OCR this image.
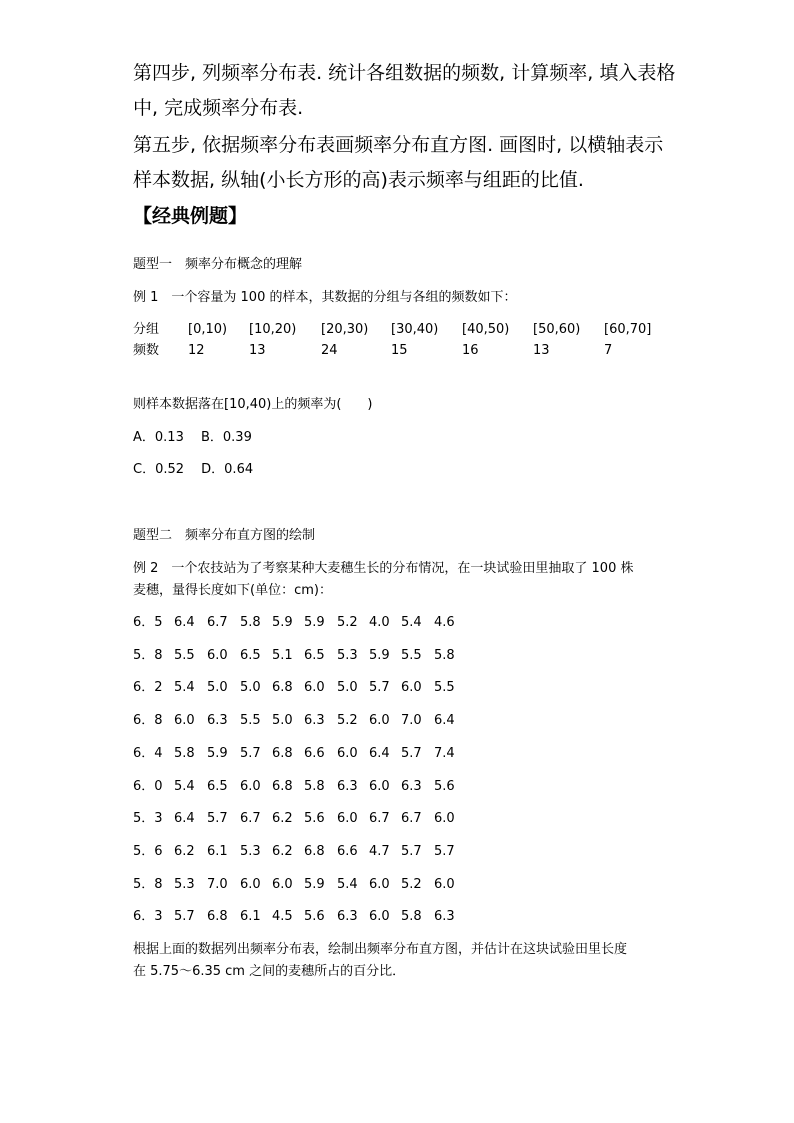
第四步, 列频率分布表. 统计各组数据的频数, 计算频率, 填入表格
中, 完成频率分布表.
第五步, 依据频率分布表画频率分布直方图. 画图时, 以横轴表示
样本数据, 纵轴(小长方形的高)表示频率与组距的比值.
【经典例题】
题型一　频率分布概念的理解
例 1　一个容量为 100 的样本，其数据的分组与各组的频数如下：
分组 [0,10) [10,20) [20,30) [30,40) [40,50) [50,60) [60,70]
频数 12	13	24	15	16	13	7
则样本数据落在[10,40)上的频率为(　　)
A．0.13　 B．0.39
C．0.52　 D．0.64
题型二　频率分布直方图的绘制
例 2　一个农技站为了考察某种大麦穗生长的分布情况，在一块试验田里抽取了 100 株
麦穗，量得长度如下(单位：cm)：
6．5 6.4 6.7 5.8 5.9 5.9 5.2 4.0 5.4 4.6
5．8 5.5 6.0 6.5 5.1 6.5 5.3 5.9 5.5 5.8
6．2 5.4 5.0 5.0 6.8 6.0 5.0 5.7 6.0 5.5
6．8 6.0 6.3 5.5 5.0 6.3 5.2 6.0 7.0 6.4
6．4 5.8 5.9 5.7 6.8 6.6 6.0 6.4 5.7 7.4
6．0 5.4 6.5 6.0 6.8 5.8 6.3 6.0 6.3 5.6
5．3 6.4 5.7 6.7 6.2 5.6 6.0 6.7 6.7 6.0
5．6 6.2 6.1 5.3 6.2 6.8 6.6 4.7 5.7 5.7
5．8 5.3 7.0 6.0 6.0 5.9 5.4 6.0 5.2 6.0
6．3 5.7 6.8 6.1 4.5 5.6 6.3 6.0 5.8 6.3
根据上面的数据列出频率分布表，绘制出频率分布直方图，并估计在这块试验田里长度
在 5.75～6.35 cm 之间的麦穗所占的百分比．
